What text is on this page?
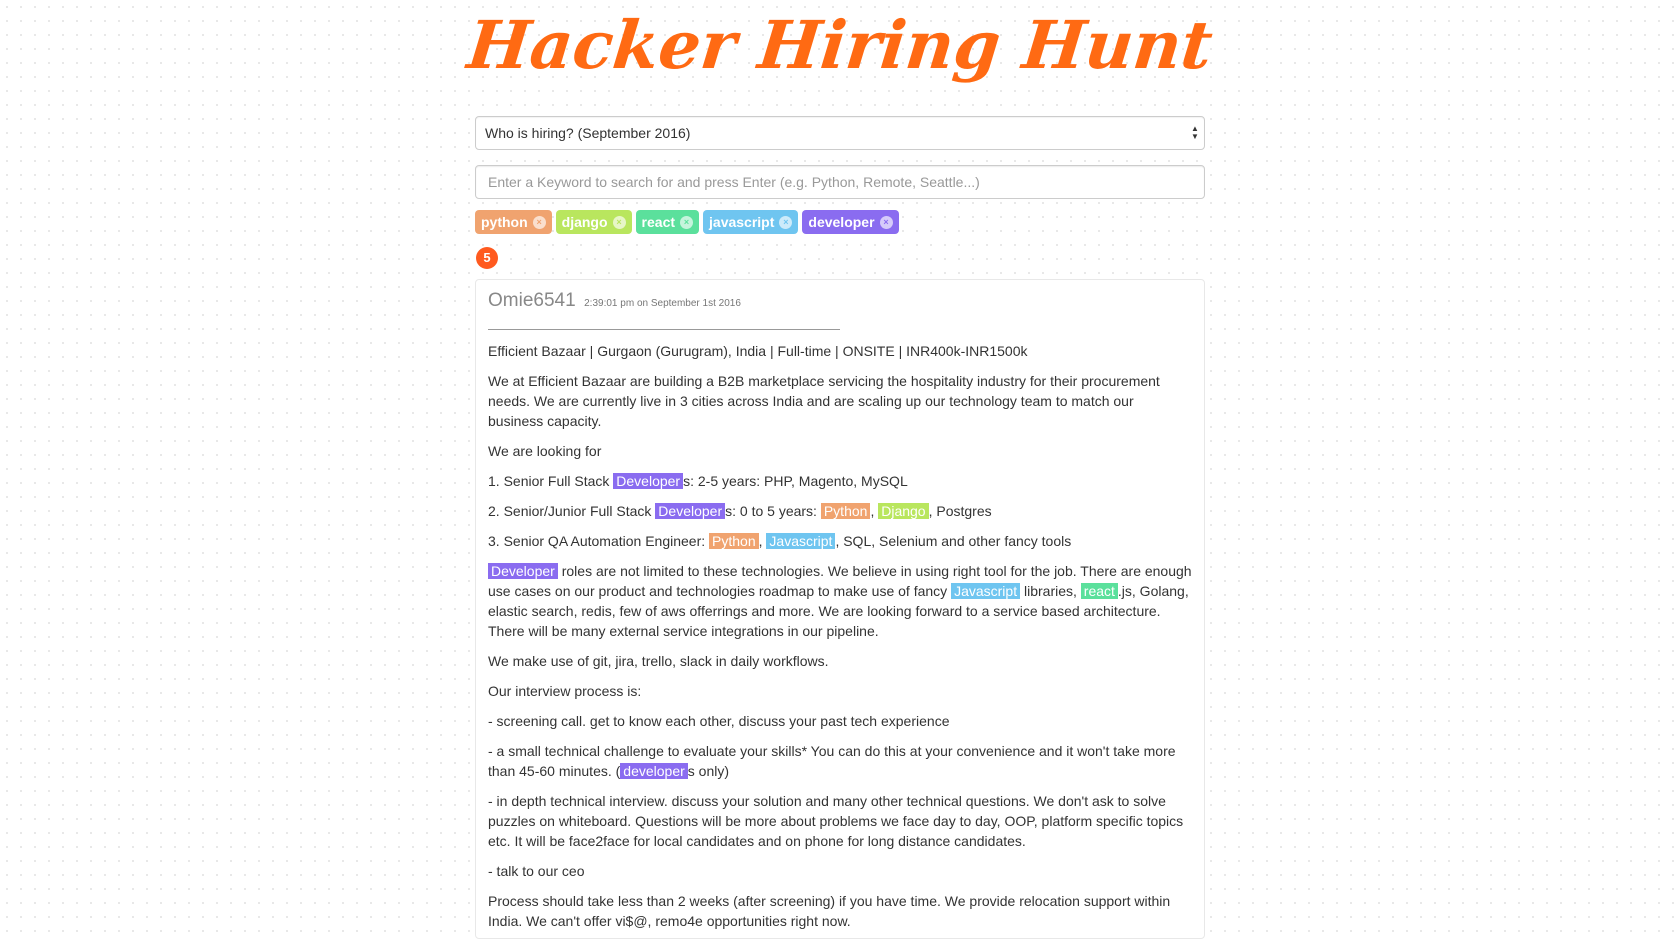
Hacker Hiring Hunt
Who is hiring? (September 2016)	▲
▼
Enter a Keyword to search for and press Enter (e.g. Python, Remote, Seattle...)
python × django × react × javascript × developer ×
5
Omie6541 2:39:01 pm on September 1st 2016

Efficient Bazaar | Gurgaon (Gurugram), India | Full-time | ONSITE | INR400k-INR1500k

We at Efficient Bazaar are building a B2B marketplace servicing the hospitality industry for their procurement needs. We are currently live in 3 cities across India and are scaling up our technology team to match our business capacity.

We are looking for

1. Senior Full Stack Developer s: 2-5 years: PHP, Magento, MySQL

2. Senior/Junior Full Stack Developer s: 0 to 5 years: Python , Django , Postgres

3. Senior QA Automation Engineer: Python , Javascript , SQL, Selenium and other fancy tools

Developer roles are not limited to these technologies. We believe in using right tool for the job. There are enough use cases on our product and technologies roadmap to make use of fancy Javascript libraries, react .js, Golang, elastic search, redis, few of aws offerrings and more. We are looking forward to a service based architecture. There will be many external service integrations in our pipeline.

We make use of git, jira, trello, slack in daily workflows.

Our interview process is:

- screening call. get to know each other, discuss your past tech experience

- a small technical challenge to evaluate your skills* You can do this at your convenience and it won't take more than 45-60 minutes. ( developer s only)

- in depth technical interview. discuss your solution and many other technical questions. We don't ask to solve puzzles on whiteboard. Questions will be more about problems we face day to day, OOP, platform specific topics etc. It will be face2face for local candidates and on phone for long distance candidates.

- talk to our ceo

Process should take less than 2 weeks (after screening) if you have time. We provide relocation support within India. We can't offer vi$@, remo4e opportunities right now.
